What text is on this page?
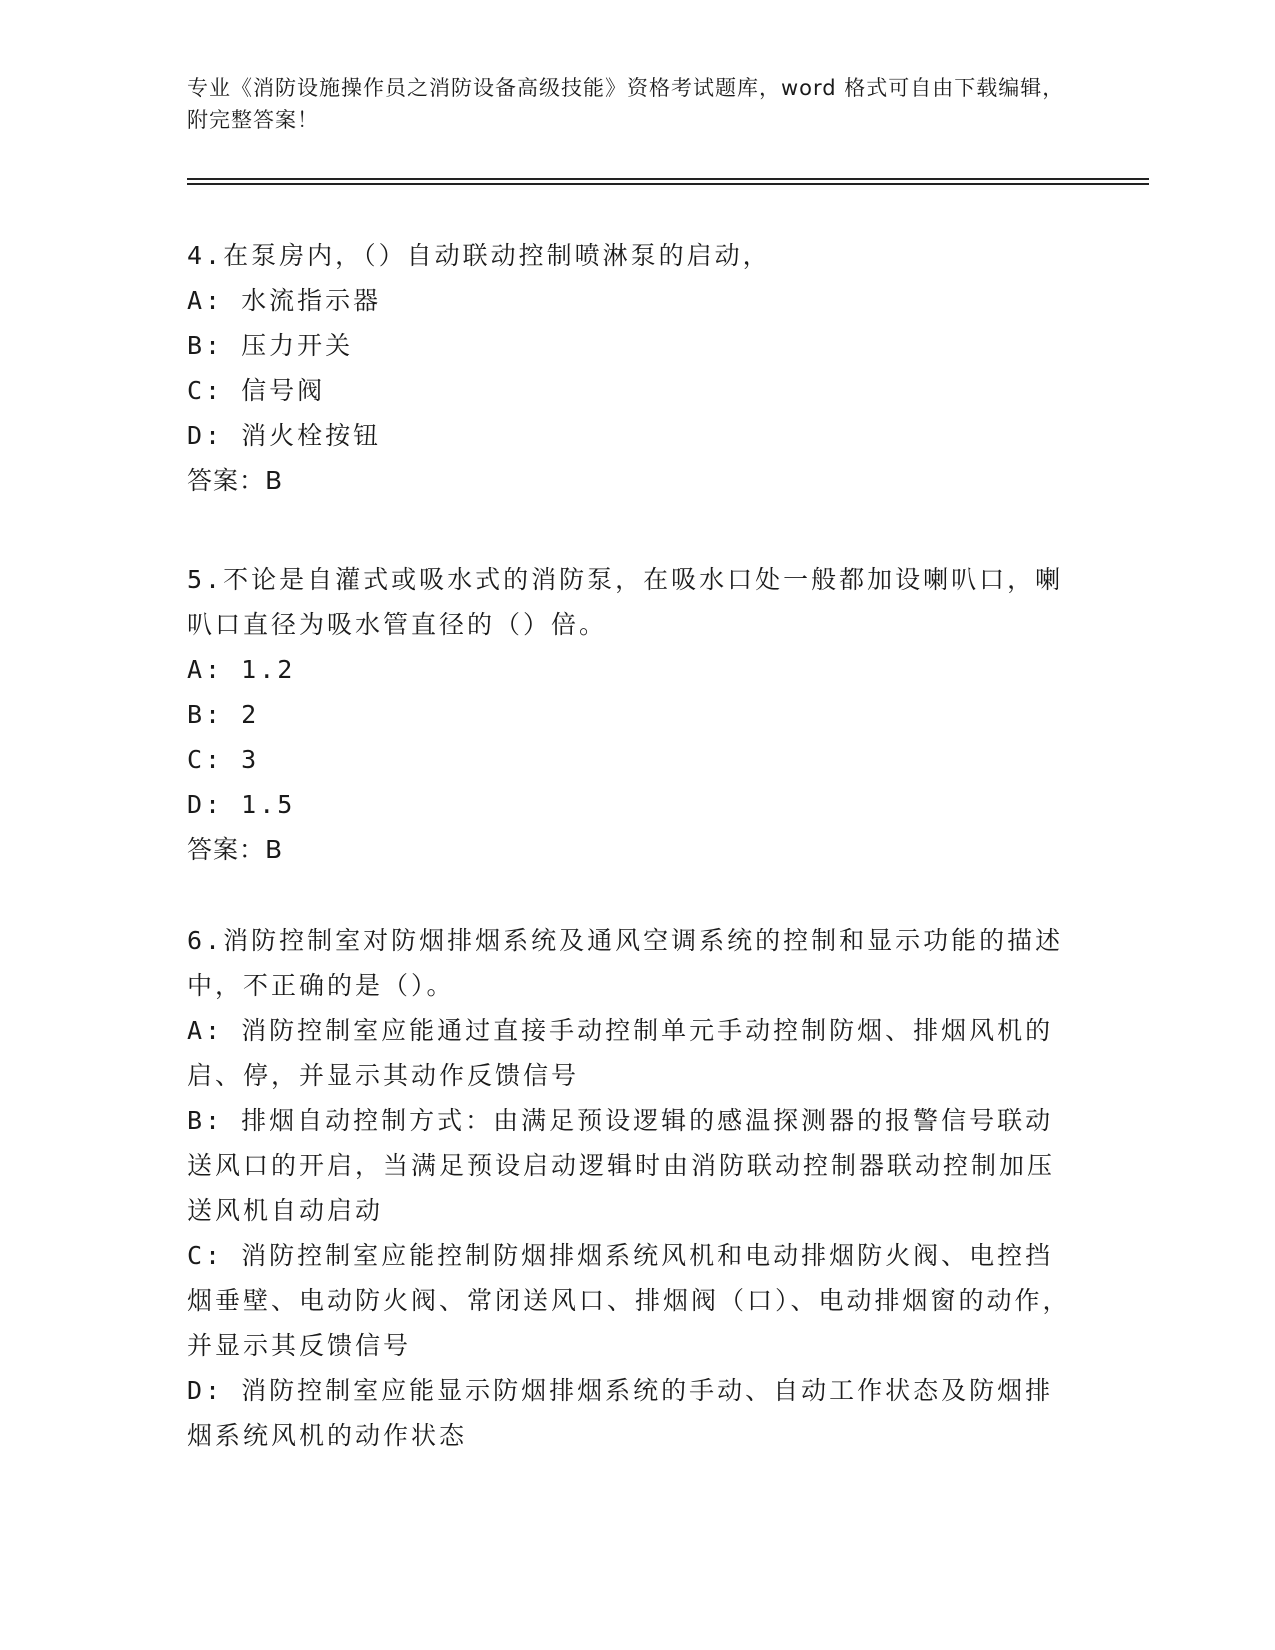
专业《消防设施操作员之消防设备高级技能》资格考试题库，word 格式可自由下载编辑，附完整答案！

4.在泵房内，（）自动联动控制喷淋泵的启动，

A: 水流指示器

B: 压力开关

C: 信号阀

D: 消火栓按钮

答案：B

5.不论是自灌式或吸水式的消防泵，在吸水口处一般都加设喇叭口，喇叭口直径为吸水管直径的（）倍。

A: 1.2

B: 2

C: 3

D: 1.5

答案：B

6.消防控制室对防烟排烟系统及通风空调系统的控制和显示功能的描述中，不正确的是（）。

A: 消防控制室应能通过直接手动控制单元手动控制防烟、排烟风机的启、停，并显示其动作反馈信号

B: 排烟自动控制方式：由满足预设逻辑的感温探测器的报警信号联动送风口的开启，当满足预设启动逻辑时由消防联动控制器联动控制加压送风机自动启动

C: 消防控制室应能控制防烟排烟系统风机和电动排烟防火阀、电控挡烟垂壁、电动防火阀、常闭送风口、排烟阀（口）、电动排烟窗的动作，并显示其反馈信号

D: 消防控制室应能显示防烟排烟系统的手动、自动工作状态及防烟排烟系统风机的动作状态
